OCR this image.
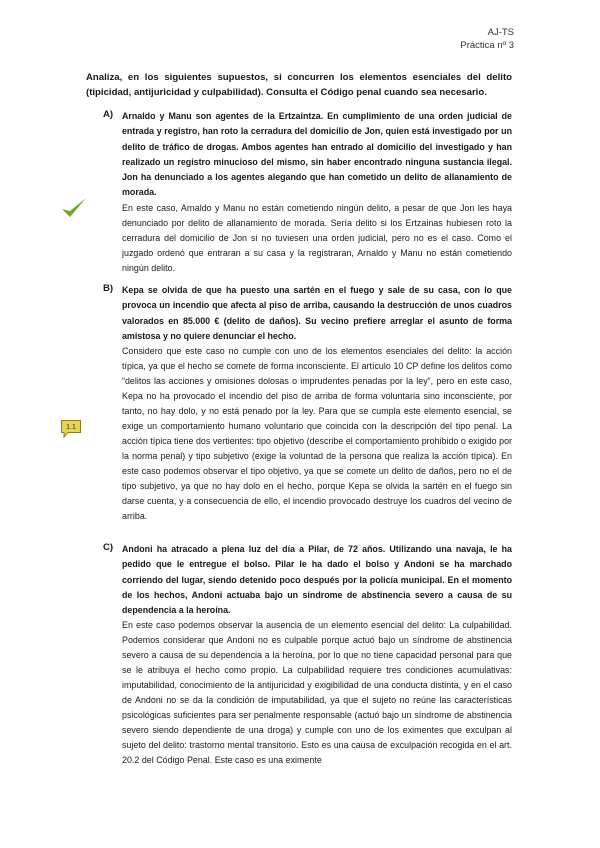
AJ-TS
Práctica nº 3
Analiza, en los siguientes supuestos, si concurren los elementos esenciales del delito (tipicidad, antijuricidad y culpabilidad). Consulta el Código penal cuando sea necesario.
A) Arnaldo y Manu son agentes de la Ertzaintza. En cumplimiento de una orden judicial de entrada y registro, han roto la cerradura del domicilio de Jon, quien está investigado por un delito de tráfico de drogas. Ambos agentes han entrado al domicilio del investigado y han realizado un registro minucioso del mismo, sin haber encontrado ninguna sustancia ilegal. Jon ha denunciado a los agentes alegando que han cometido un delito de allanamiento de morada.
En este caso, Arnaldo y Manu no están cometiendo ningún delito, a pesar de que Jon les haya denunciado por delito de allanamiento de morada. Sería delito si los Ertzainas hubiesen roto la cerradura del domicilio de Jon si no tuviesen una orden judicial, pero no es el caso. Como el juzgado ordenó que entraran a su casa y la registraran, Arnaldo y Manu no están cometiendo ningún delito.
B) Kepa se olvida de que ha puesto una sartén en el fuego y sale de su casa, con lo que provoca un incendio que afecta al piso de arriba, causando la destrucción de unos cuadros valorados en 85.000 € (delito de daños). Su vecino prefiere arreglar el asunto de forma amistosa y no quiere denunciar el hecho.
Considero que este caso no cumple con uno de los elementos esenciales del delito: la acción típica, ya que el hecho se comete de forma inconsciente. El artículo 10 CP define los delitos como “delitos las acciones y omisiones dolosas o imprudentes penadas por la ley”, pero en este caso, Kepa no ha provocado el incendio del piso de arriba de forma voluntaria sino inconsciente, por tanto, no hay dolo, y no está penado por la ley. Para que se cumpla este elemento esencial, se exige un comportamiento humano voluntario que coincida con la descripción del tipo penal. La acción típica tiene dos vertientes: tipo objetivo (describe el comportamiento prohibido o exigido por la norma penal) y tipo subjetivo (exige la voluntad de la persona que realiza la acción típica). En este caso podemos observar el tipo objetivo, ya que se comete un delito de daños, pero no el de tipo subjetivo, ya que no hay dolo en el hecho, porque Kepa se olvida la sartén en el fuego sin darse cuenta, y a consecuencia de ello, el incendio provocado destruye los cuadros del vecino de arriba.
1.1
C) Andoni ha atracado a plena luz del día a Pilar, de 72 años. Utilizando una navaja, le ha pedido que le entregue el bolso. Pilar le ha dado el bolso y Andoni se ha marchado corriendo del lugar, siendo detenido poco después por la policía municipal. En el momento de los hechos, Andoni actuaba bajo un síndrome de abstinencia severo a causa de su dependencia a la heroína.
En este caso podemos observar la ausencia de un elemento esencial del delito: La culpabilidad. Podemos considerar que Andoni no es culpable porque actuó bajo un síndrome de abstinencia severo a causa de su dependencia a la heroína, por lo que no tiene capacidad personal para que se le atribuya el hecho como propio. La culpabilidad requiere tres condiciones acumulativas: imputabilidad, conocimiento de la antijuricidad y exigibilidad de una conducta distinta, y en el caso de Andoni no se da la condición de imputabilidad, ya que el sujeto no reúne las características psicológicas suficientes para ser penalmente responsable (actuó bajo un síndrome de abstinencia severo siendo dependiente de una droga) y cumple con uno de los eximentes que exculpan al sujeto del delito: trastorno mental transitorio. Esto es una causa de exculpación recogida en el art. 20.2 del Código Penal. Este caso es una eximente
